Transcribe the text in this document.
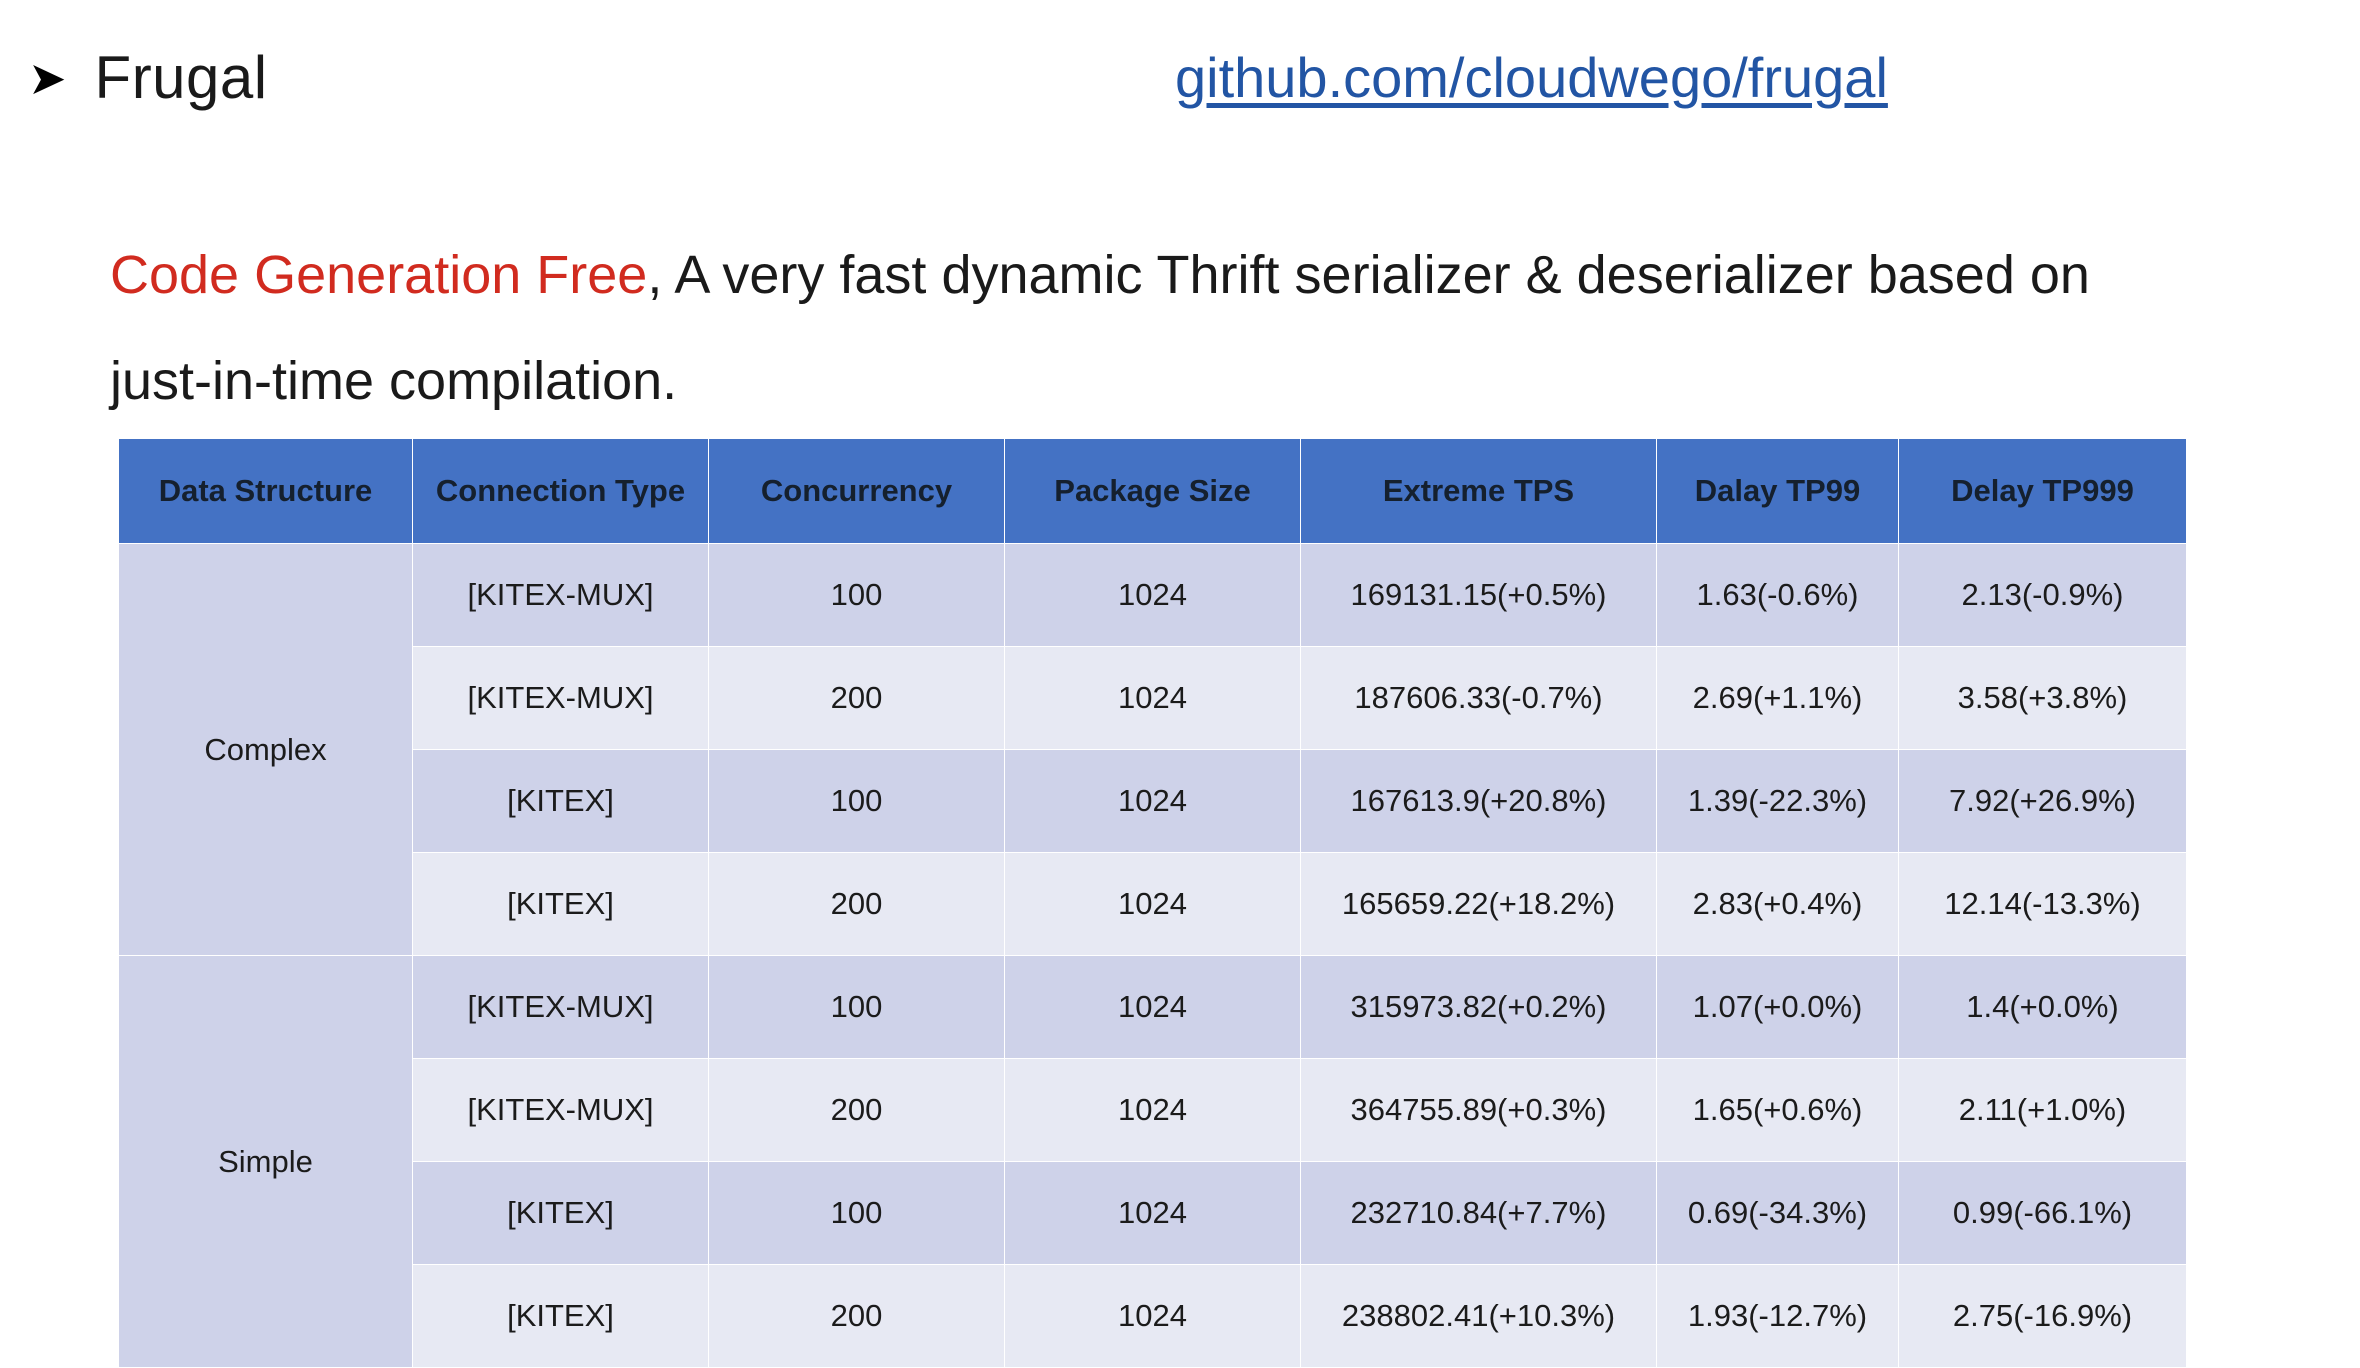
➤ Frugal	github.com/cloudwego/frugal
Code Generation Free, A very fast dynamic Thrift serializer & deserializer based on just-in-time compilation.
Data Structure	Connection Type	Concurrency	Package Size	Extreme TPS	Dalay TP99	Delay TP999
Complex	[KITEX-MUX]	100	1024	169131.15(+0.5%)	1.63(-0.6%)	2.13(-0.9%)
	[KITEX-MUX]	200	1024	187606.33(-0.7%)	2.69(+1.1%)	3.58(+3.8%)
	[KITEX]	100	1024	167613.9(+20.8%)	1.39(-22.3%)	7.92(+26.9%)
	[KITEX]	200	1024	165659.22(+18.2%)	2.83(+0.4%)	12.14(-13.3%)
Simple	[KITEX-MUX]	100	1024	315973.82(+0.2%)	1.07(+0.0%)	1.4(+0.0%)
	[KITEX-MUX]	200	1024	364755.89(+0.3%)	1.65(+0.6%)	2.11(+1.0%)
	[KITEX]	100	1024	232710.84(+7.7%)	0.69(-34.3%)	0.99(-66.1%)
	[KITEX]	200	1024	238802.41(+10.3%)	1.93(-12.7%)	2.75(-16.9%)
